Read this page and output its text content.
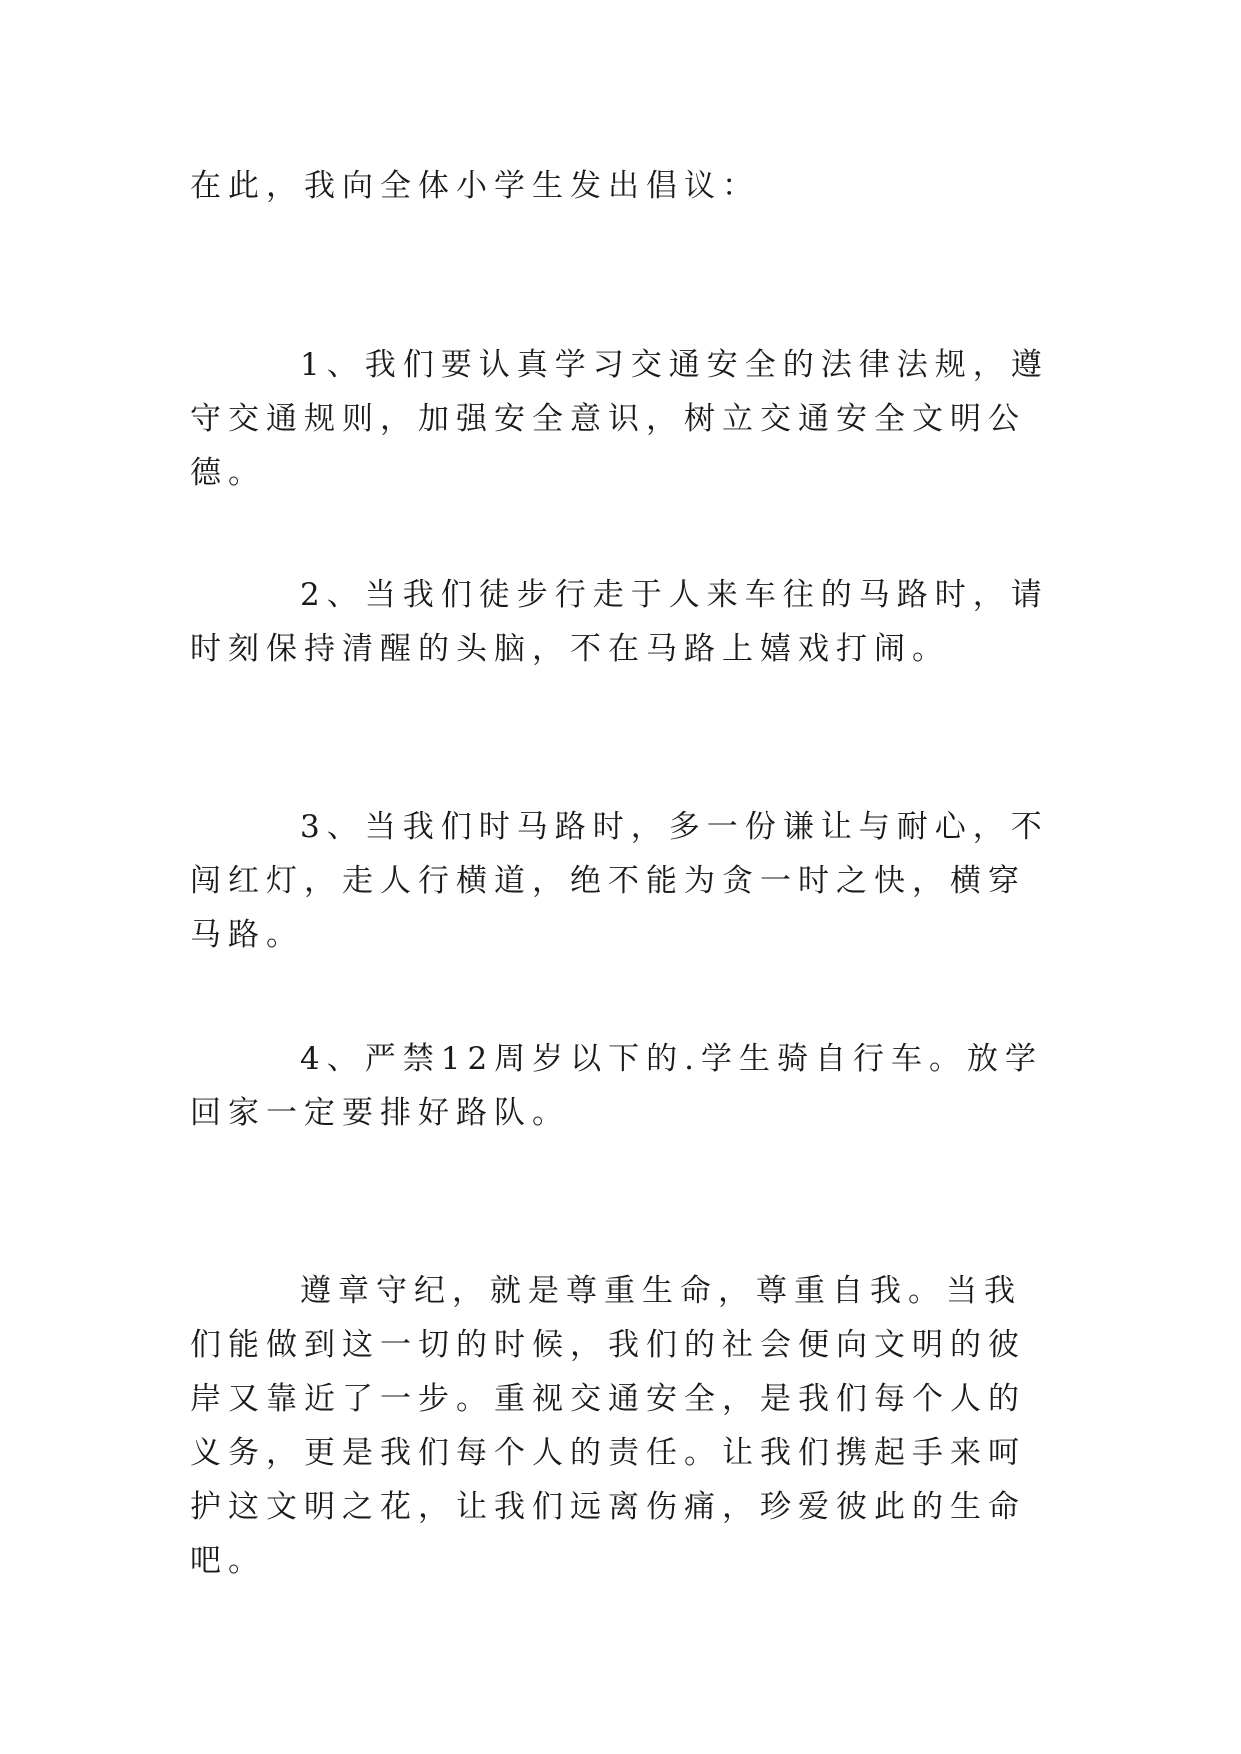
在此，我向全体小学生发出倡议：

1、我们要认真学习交通安全的法律法规，遵守交通规则，加强安全意识，树立交通安全文明公德。

2、当我们徒步行走于人来车往的马路时，请时刻保持清醒的头脑，不在马路上嬉戏打闹。

3、当我们时马路时，多一份谦让与耐心，不闯红灯，走人行横道，绝不能为贪一时之快，横穿马路。

4、严禁12周岁以下的.学生骑自行车。放学回家一定要排好路队。

遵章守纪，就是尊重生命，尊重自我。当我们能做到这一切的时候，我们的社会便向文明的彼岸又靠近了一步。重视交通安全，是我们每个人的义务，更是我们每个人的责任。让我们携起手来呵护这文明之花，让我们远离伤痛，珍爱彼此的生命吧。
